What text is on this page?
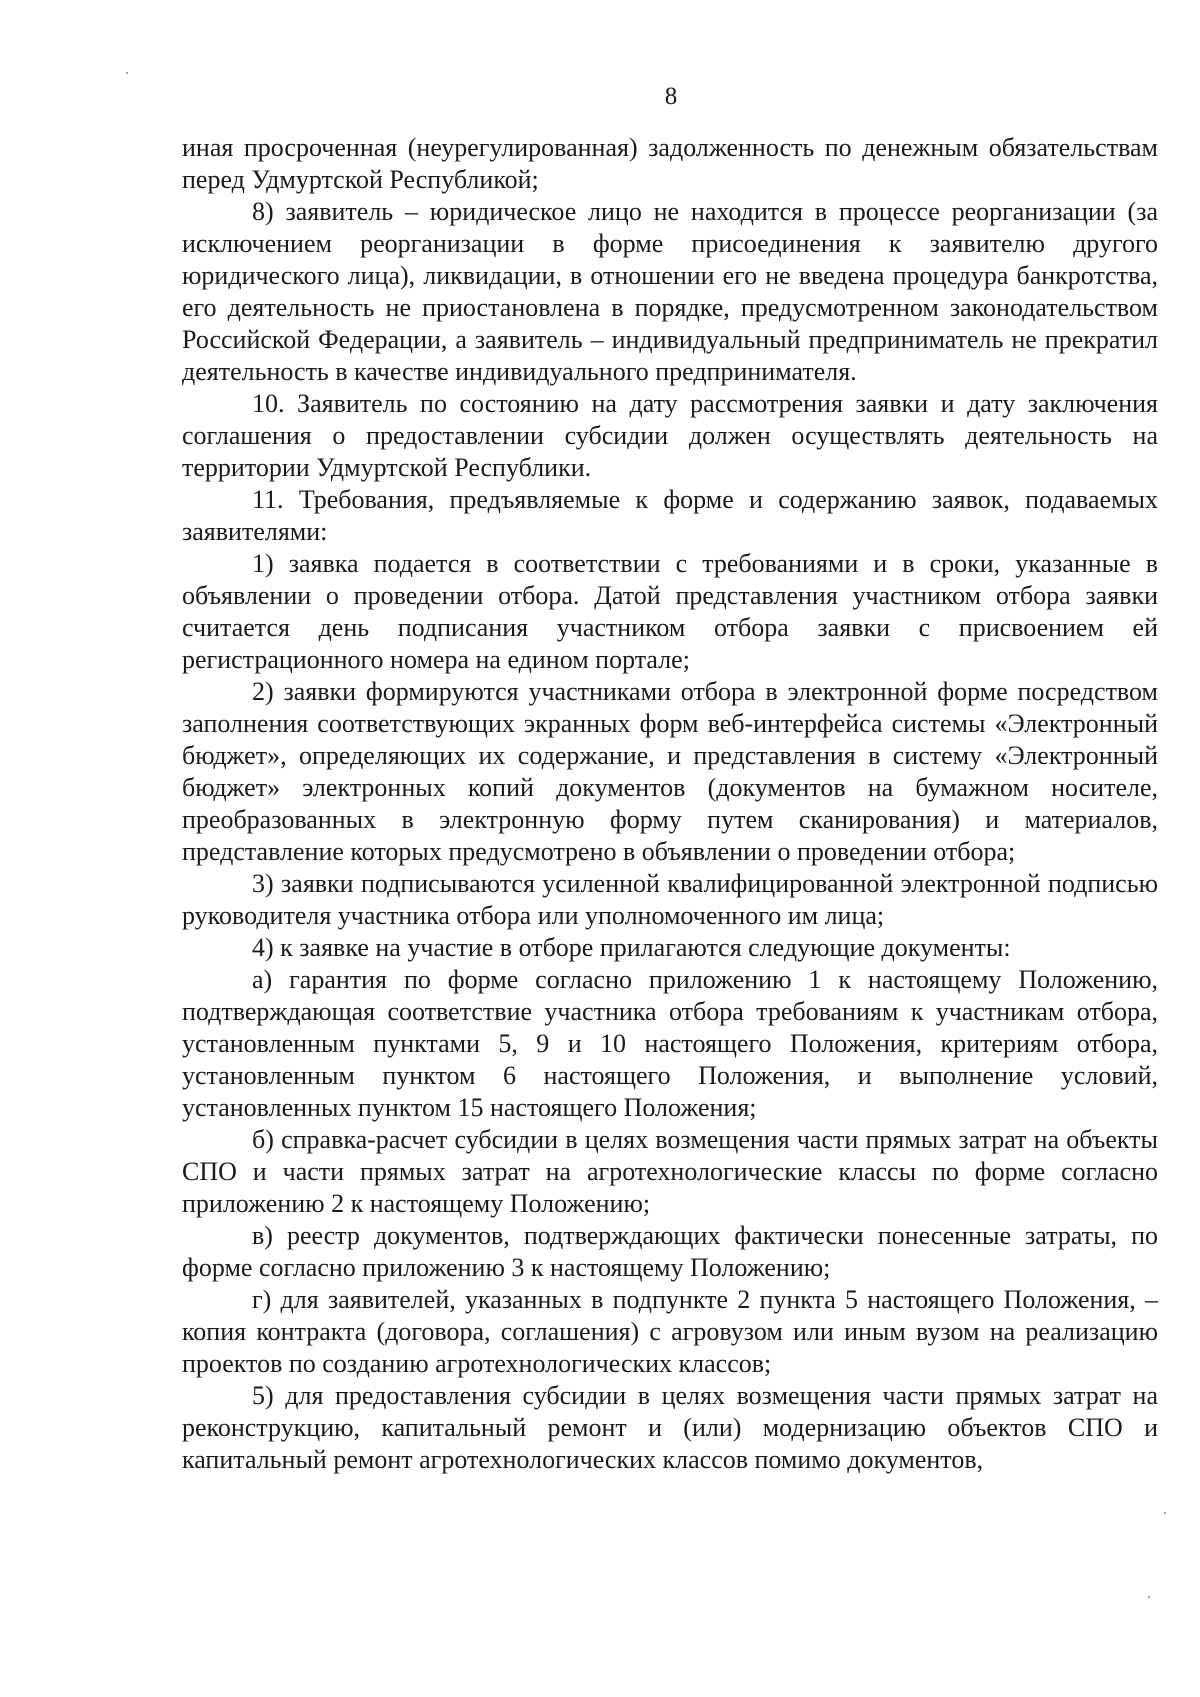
8

иная просроченная (неурегулированная) задолженность по денежным обязательствам перед Удмуртской Республикой;

8) заявитель – юридическое лицо не находится в процессе реорганизации (за исключением реорганизации в форме присоединения к заявителю другого юридического лица), ликвидации, в отношении его не введена процедура банкротства, его деятельность не приостановлена в порядке, предусмотренном законодательством Российской Федерации, а заявитель – индивидуальный предприниматель не прекратил деятельность в качестве индивидуального предпринимателя.

10. Заявитель по состоянию на дату рассмотрения заявки и дату заключения соглашения о предоставлении субсидии должен осуществлять деятельность на территории Удмуртской Республики.

11. Требования, предъявляемые к форме и содержанию заявок, подаваемых заявителями:

1) заявка подается в соответствии с требованиями и в сроки, указанные в объявлении о проведении отбора. Датой представления участником отбора заявки считается день подписания участником отбора заявки с присвоением ей регистрационного номера на едином портале;

2) заявки формируются участниками отбора в электронной форме посредством заполнения соответствующих экранных форм веб-интерфейса системы «Электронный бюджет», определяющих их содержание, и представления в систему «Электронный бюджет» электронных копий документов (документов на бумажном носителе, преобразованных в электронную форму путем сканирования) и материалов, представление которых предусмотрено в объявлении о проведении отбора;

3) заявки подписываются усиленной квалифицированной электронной подписью руководителя участника отбора или уполномоченного им лица;

4) к заявке на участие в отборе прилагаются следующие документы:

а) гарантия по форме согласно приложению 1 к настоящему Положению, подтверждающая соответствие участника отбора требованиям к участникам отбора, установленным пунктами 5, 9 и 10 настоящего Положения, критериям отбора, установленным пунктом 6 настоящего Положения, и выполнение условий, установленных пунктом 15 настоящего Положения;

б) справка-расчет субсидии в целях возмещения части прямых затрат на объекты СПО и части прямых затрат на агротехнологические классы по форме согласно приложению 2 к настоящему Положению;

в) реестр документов, подтверждающих фактически понесенные затраты, по форме согласно приложению 3 к настоящему Положению;

г) для заявителей, указанных в подпункте 2 пункта 5 настоящего Положения, – копия контракта (договора, соглашения) с агровузом или иным вузом на реализацию проектов по созданию агротехнологических классов;

5) для предоставления субсидии в целях возмещения части прямых затрат на реконструкцию, капитальный ремонт и (или) модернизацию объектов СПО и капитальный ремонт агротехнологических классов помимо документов,
